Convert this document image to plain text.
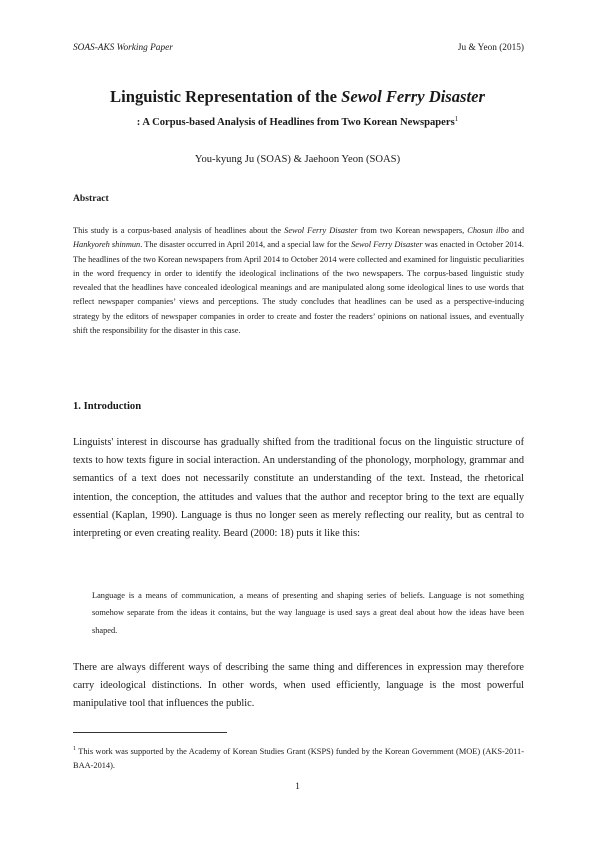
SOAS-AKS Working Paper	Ju & Yeon (2015)
Linguistic Representation of the Sewol Ferry Disaster
: A Corpus-based Analysis of Headlines from Two Korean Newspapers$^1$
You-kyung Ju (SOAS) & Jaehoon Yeon (SOAS)
Abstract

This study is a corpus-based analysis of headlines about the Sewol Ferry Disaster from two Korean newspapers, Chosun ilbo and Hankyoreh shinmun. The disaster occurred in April 2014, and a special law for the Sewol Ferry Disaster was enacted in October 2014. The headlines of the two Korean newspapers from April 2014 to October 2014 were collected and examined for linguistic peculiarities in the word frequency in order to identify the ideological inclinations of the two newspapers. The corpus-based linguistic study revealed that the headlines have concealed ideological meanings and are manipulated along some ideological lines to use words that reflect newspaper companies’ views and perceptions. The study concludes that headlines can be used as a perspective-inducing strategy by the editors of newspaper companies in order to create and foster the readers’ opinions on national issues, and eventually shift the responsibility for the disaster in this case.

1. Introduction

Linguists' interest in discourse has gradually shifted from the traditional focus on the linguistic structure of texts to how texts figure in social interaction. An understanding of the phonology, morphology, grammar and semantics of a text does not necessarily constitute an understanding of the text. Instead, the rhetorical intention, the conception, the attitudes and values that the author and receptor bring to the text are equally essential (Kaplan, 1990). Language is thus no longer seen as merely reflecting our reality, but as central to interpreting or even creating reality. Beard (2000: 18) puts it like this:

Language is a means of communication, a means of presenting and shaping series of beliefs. Language is not something somehow separate from the ideas it contains, but the way language is used says a great deal about how the ideas have been shaped.

There are always different ways of describing the same thing and differences in expression may therefore carry ideological distinctions. In other words, when used efficiently, language is the most powerful manipulative tool that influences the public.

$^1$ This work was supported by the Academy of Korean Studies Grant (KSPS) funded by the Korean Government (MOE) (AKS-2011-BAA-2014).

1
